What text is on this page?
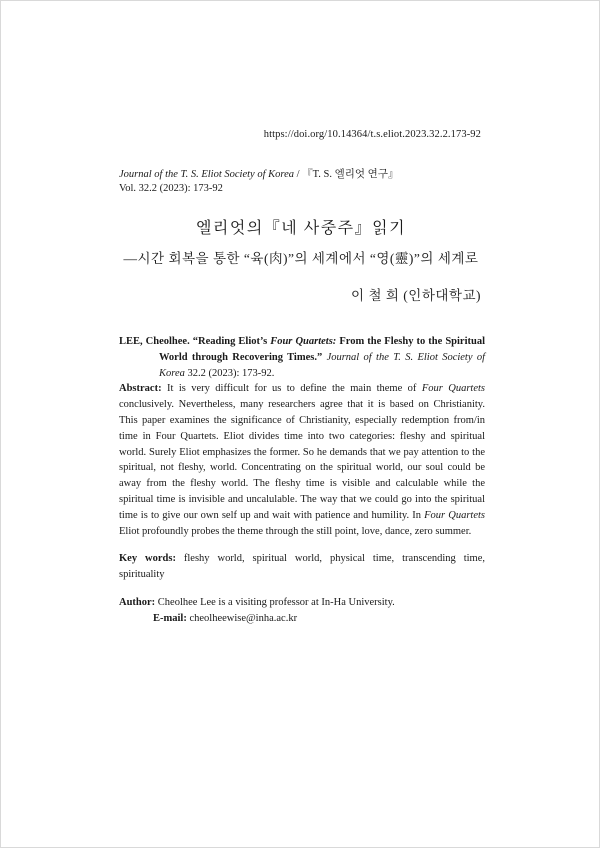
https://doi.org/10.14364/t.s.eliot.2023.32.2.173-92
Journal of the T. S. Eliot Society of Korea / 『T. S. 엘리엇 연구』
Vol. 32.2 (2023): 173-92
엘리엇의『네 사중주』읽기
—시간 회복을 통한 “육(肉)”의 세계에서 “영(靈)”의 세계로
이 철 희 (인하대학교)

LEE, Cheolhee. “Reading Eliot’s Four Quartets: From the Fleshy to the Spiritual World through Recovering Times.” Journal of the T. S. Eliot Society of Korea 32.2 (2023): 173-92.

Abstract: It is very difficult for us to define the main theme of Four Quartets conclusively. Nevertheless, many researchers agree that it is based on Christianity. This paper examines the significance of Christianity, especially redemption from/in time in Four Quartets. Eliot divides time into two categories: fleshy and spiritual world. Surely Eliot emphasizes the former. So he demands that we pay attention to the spiritual, not fleshy, world. Concentrating on the spiritual world, our soul could be away from the fleshy world. The fleshy time is visible and calculable while the spiritual time is invisible and uncalulable. The way that we could go into the spiritual time is to give our own self up and wait with patience and humility. In Four Quartets Eliot profoundly probes the theme through the still point, love, dance, zero summer.

Key words: fleshy world, spiritual world, physical time, transcending time, spirituality

Author: Cheolhee Lee is a visiting professor at In-Ha University.
E-mail: cheolheewise@inha.ac.kr
